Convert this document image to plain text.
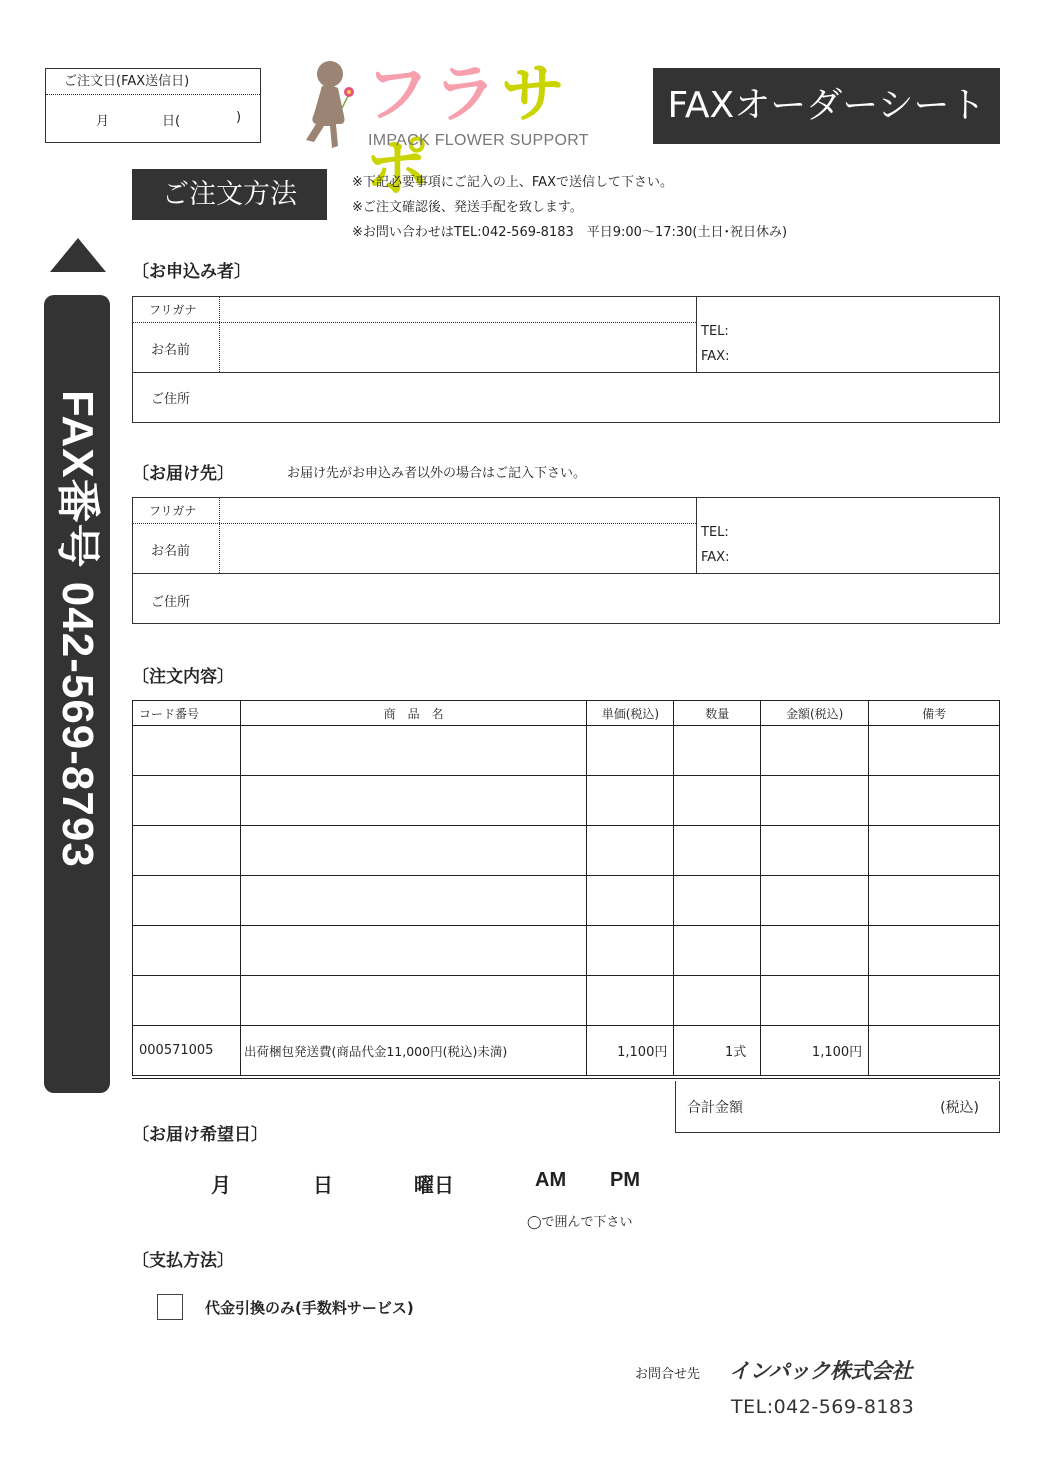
ご注文日(FAX送信日)
月	日(	) フラサポ
IMPACK FLOWER SUPPORT
FAXオーダーシート
ご注文方法	※下記必要事項にご記入の上、FAXで送信して下さい。
※ご注文確認後、発送手配を致します。
※お問い合わせはTEL:042-569-8183　平日9:00～17:30(土日･祝日休み)
FAX番号 042-569-8793
〔お申込み者〕
フリガナ
お名前
TEL:
FAX:
ご住所
〔お届け先〕	お届け先がお申込み者以外の場合はご記入下さい。
フリガナ
お名前
TEL:
FAX:
ご住所
〔注文内容〕
コード番号	商　品　名	単価(税込)	数量	金額(税込)	備考

000571005	出荷梱包発送費(商品代金11,000円(税込)未満)	1,100円	1式	1,100円	
合計金額	(税込)
〔お届け希望日〕
月	日	曜日	AM PM
◯で囲んで下さい
〔支払方法〕
代金引換のみ(手数料サービス)
お問合せ先 インパック株式会社
TEL:042-569-8183
